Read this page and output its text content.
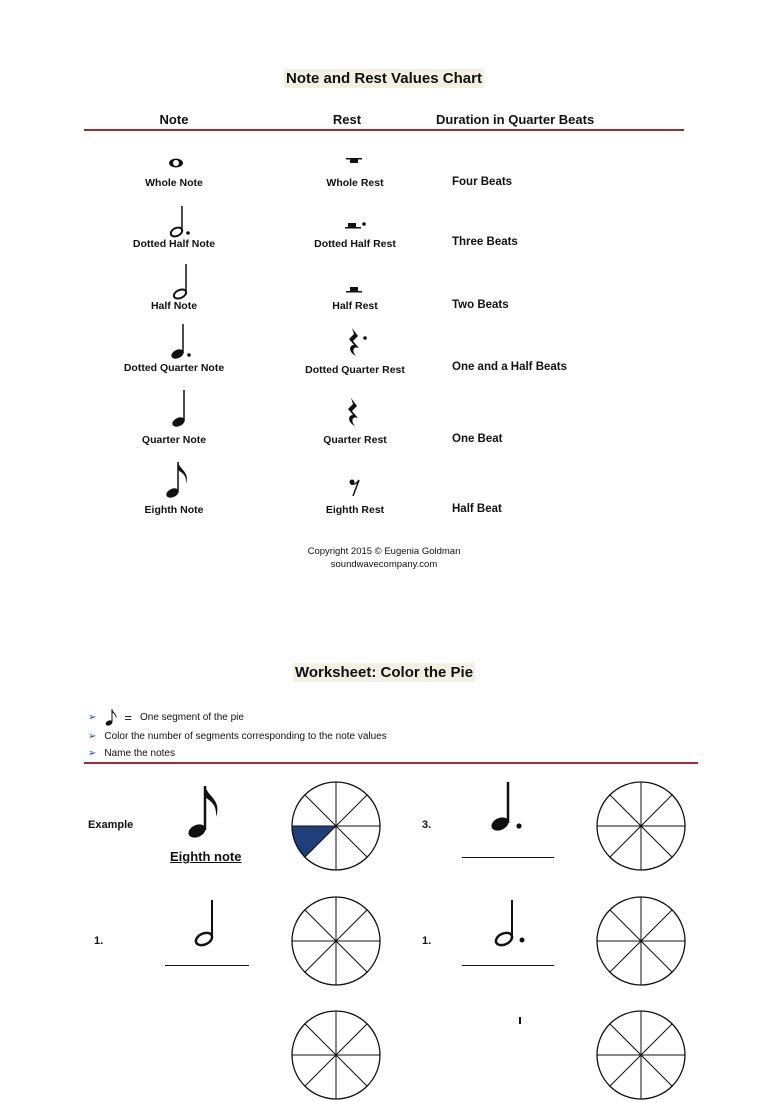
Note and Rest Values Chart
Note	Rest	Duration in Quarter Beats
Whole Note	Whole Rest	Four Beats
Dotted Half Note	Dotted Half Rest	Three Beats
Half Note	Half Rest	Two Beats
Dotted Quarter Note	Dotted Quarter Rest	One and a Half Beats
Quarter Note	Quarter Rest	One Beat
Eighth Note	Eighth Rest	Half Beat
Copyright 2015 © Eugenia Goldman
soundwavecompany.com
Worksheet: Color the Pie
➢ = One segment of the pie
➢ Color the number of segments corresponding to the note values
➢ Name the notes
Example
Eighth note
3.
1.	1.
